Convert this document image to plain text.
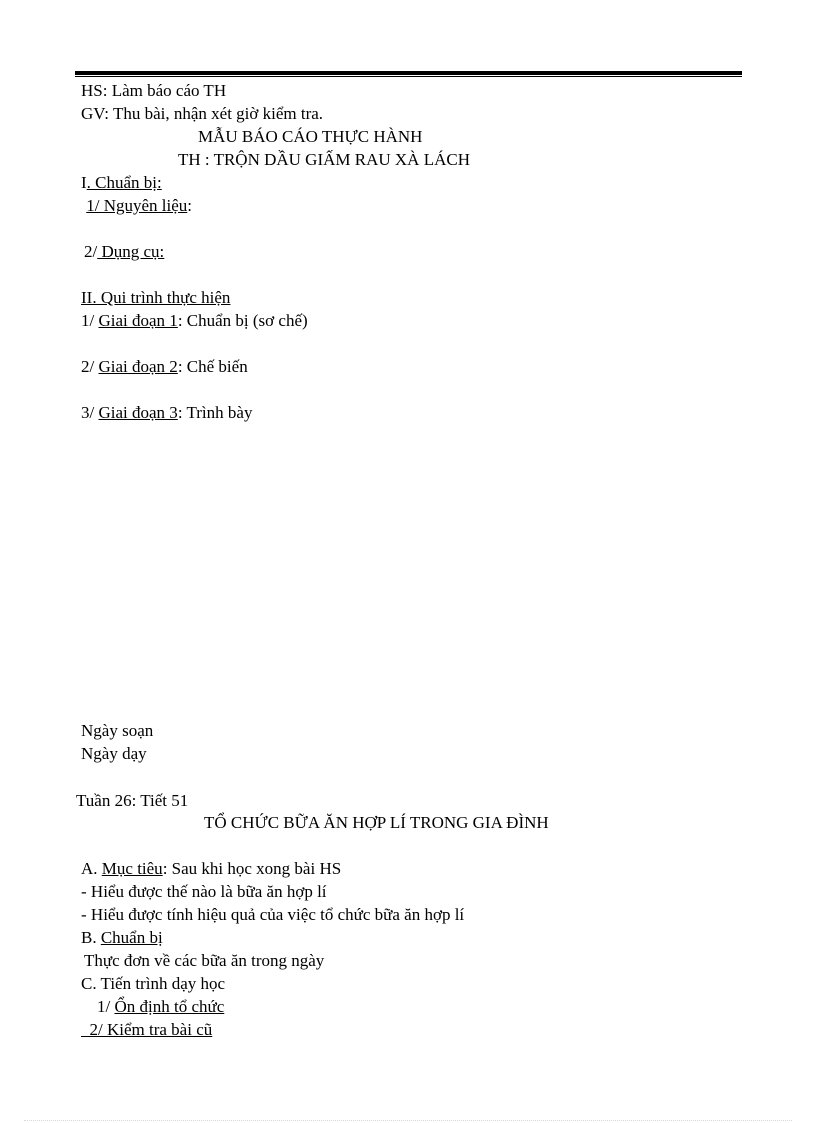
HS: Làm báo cáo TH
GV: Thu bài, nhận xét giờ kiểm tra.
MẪU BÁO CÁO THỰC HÀNH
TH : TRỘN DẦU GIẤM RAU XÀ LÁCH
I. Chuẩn bị:
1/ Nguyên liệu:
2/ Dụng cụ:
II. Qui trình thực hiện
1/ Giai đoạn 1: Chuẩn bị (sơ chế)
2/ Giai đoạn 2: Chế biến
3/ Giai đoạn 3: Trình bày
Ngày soạn
Ngày dạy
Tuần 26: Tiết 51
TỔ CHỨC BỮA ĂN HỢP LÍ TRONG GIA ĐÌNH
A. Mục tiêu: Sau khi học xong bài HS
- Hiểu được thế nào là bữa ăn hợp lí
- Hiểu được tính hiệu quả của việc tổ chức bữa ăn hợp lí
B. Chuẩn bị
Thực đơn về các bữa ăn trong ngày
C. Tiến trình dạy học
1/ Ổn định tổ chức
2/ Kiểm tra bài cũ
